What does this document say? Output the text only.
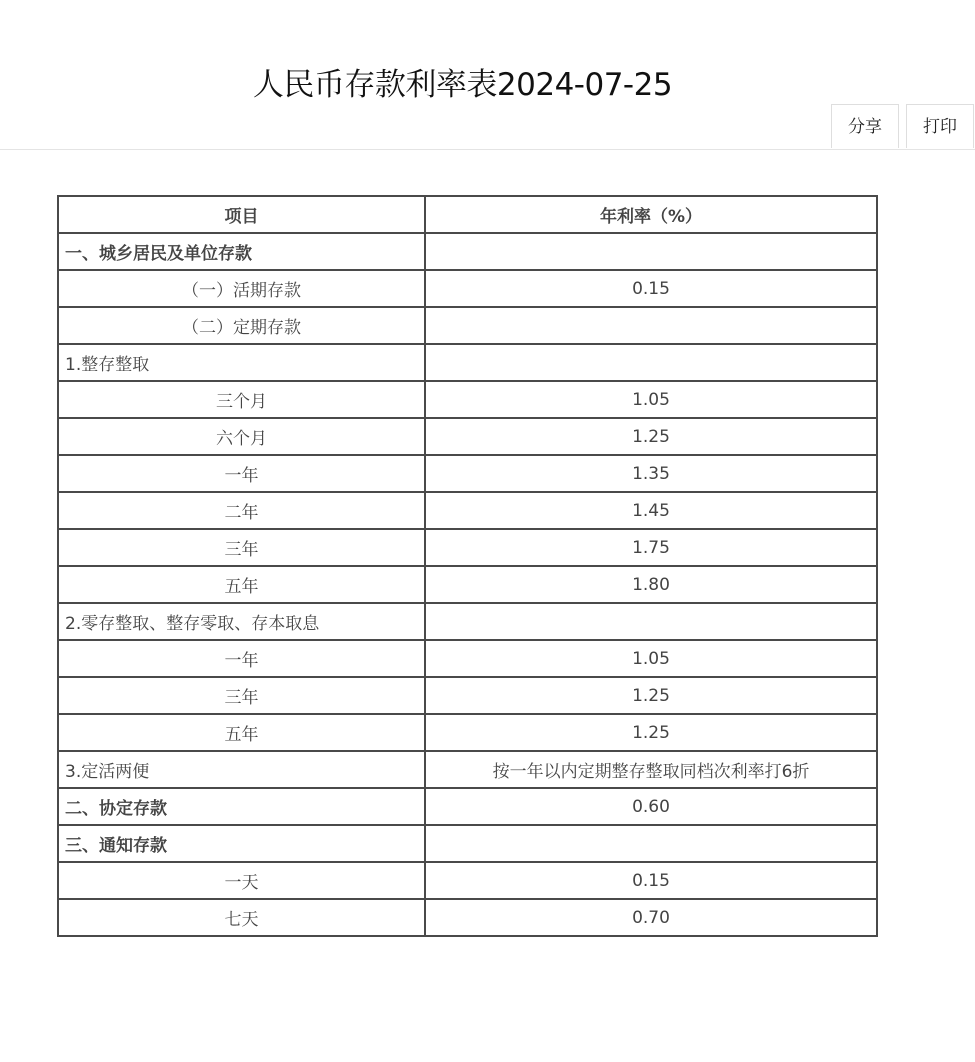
人民币存款利率表2024-07-25
分享	打印
项目	年利率（%）
一、城乡居民及单位存款	
（一）活期存款	0.15
（二）定期存款	
1.整存整取	
三个月	1.05
六个月	1.25
一年	1.35
二年	1.45
三年	1.75
五年	1.80
2.零存整取、整存零取、存本取息	
一年	1.05
三年	1.25
五年	1.25
3.定活两便	按一年以内定期整存整取同档次利率打6折
二、协定存款	0.60
三、通知存款	
一天	0.15
七天	0.70
